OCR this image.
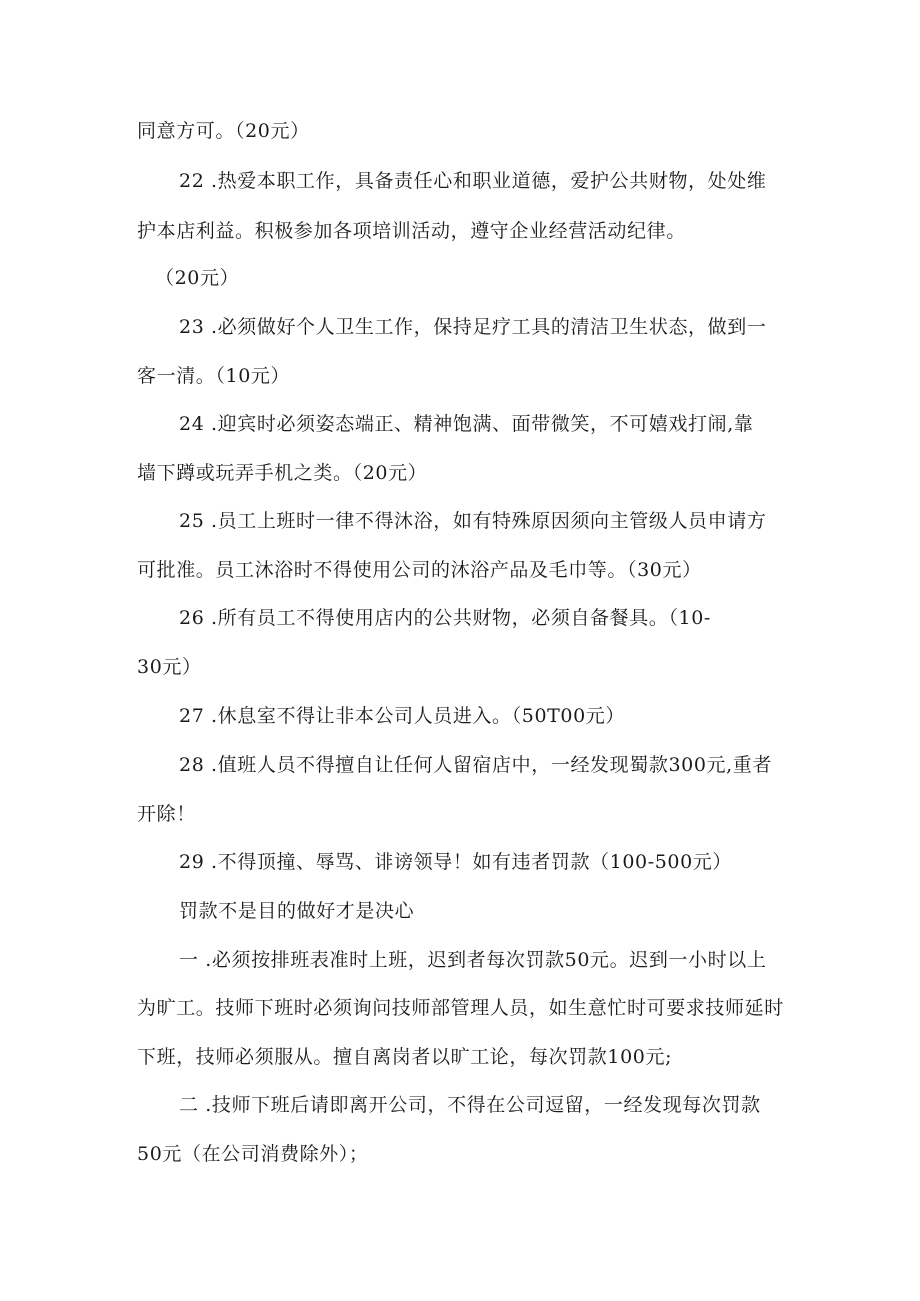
同意方可。（20元）
22 .热爱本职工作，具备责任心和职业道德，爱护公共财物，处处维
护本店利益。积极参加各项培训活动，遵守企业经营活动纪律。
（20元）
23 .必须做好个人卫生工作，保持足疗工具的清洁卫生状态，做到一
客一清。（10元）
24 .迎宾时必须姿态端正、精神饱满、面带微笑，不可嬉戏打闹,靠
墙下蹲或玩弄手机之类。（20元）
25 .员工上班时一律不得沐浴，如有特殊原因须向主管级人员申请方
可批准。员工沐浴时不得使用公司的沐浴产品及毛巾等。（30元）
26 .所有员工不得使用店内的公共财物，必须自备餐具。（10-
30元）
27 .休息室不得让非本公司人员进入。（50T00元）
28 .值班人员不得擅自让任何人留宿店中，一经发现蜀款300元,重者
开除！
29 .不得顶撞、辱骂、诽谤领导！如有违者罚款（100-500元）
罚款不是目的做好才是决心
一 .必须按排班表准时上班，迟到者每次罚款50元。迟到一小时以上
为旷工。技师下班时必须询问技师部管理人员，如生意忙时可要求技师延时
下班，技师必须服从。擅自离岗者以旷工论，每次罚款100元;
二 .技师下班后请即离开公司，不得在公司逗留，一经发现每次罚款
50元（在公司消费除外）；
